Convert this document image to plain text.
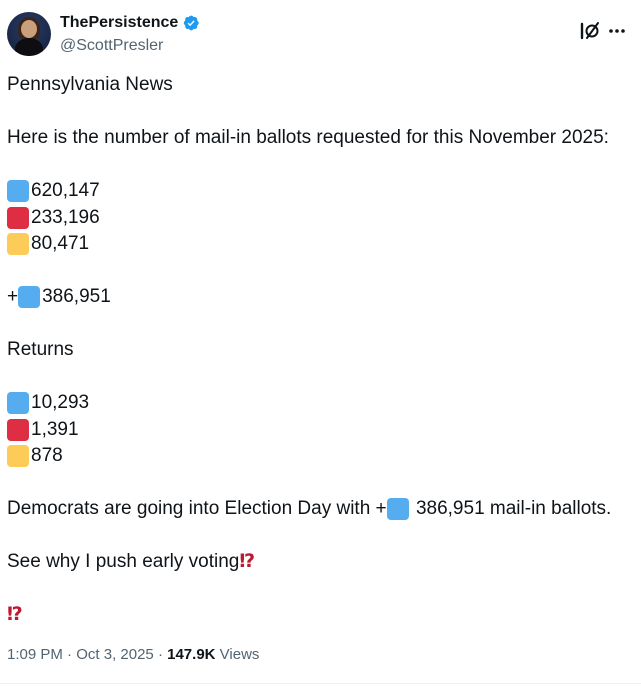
ThePersistence
@ScottPresler
Pennsylvania News
Here is the number of mail-in ballots requested for this November 2025:
620,147
233,196
80,471
+ 386,951
Returns
10,293
1,391
878
Democrats are going into Election Day with + 386,951 mail-in ballots.
See why I push early voting ⁉
⁉
1:09 PM · Oct 3, 2025 · 147.9K Views
